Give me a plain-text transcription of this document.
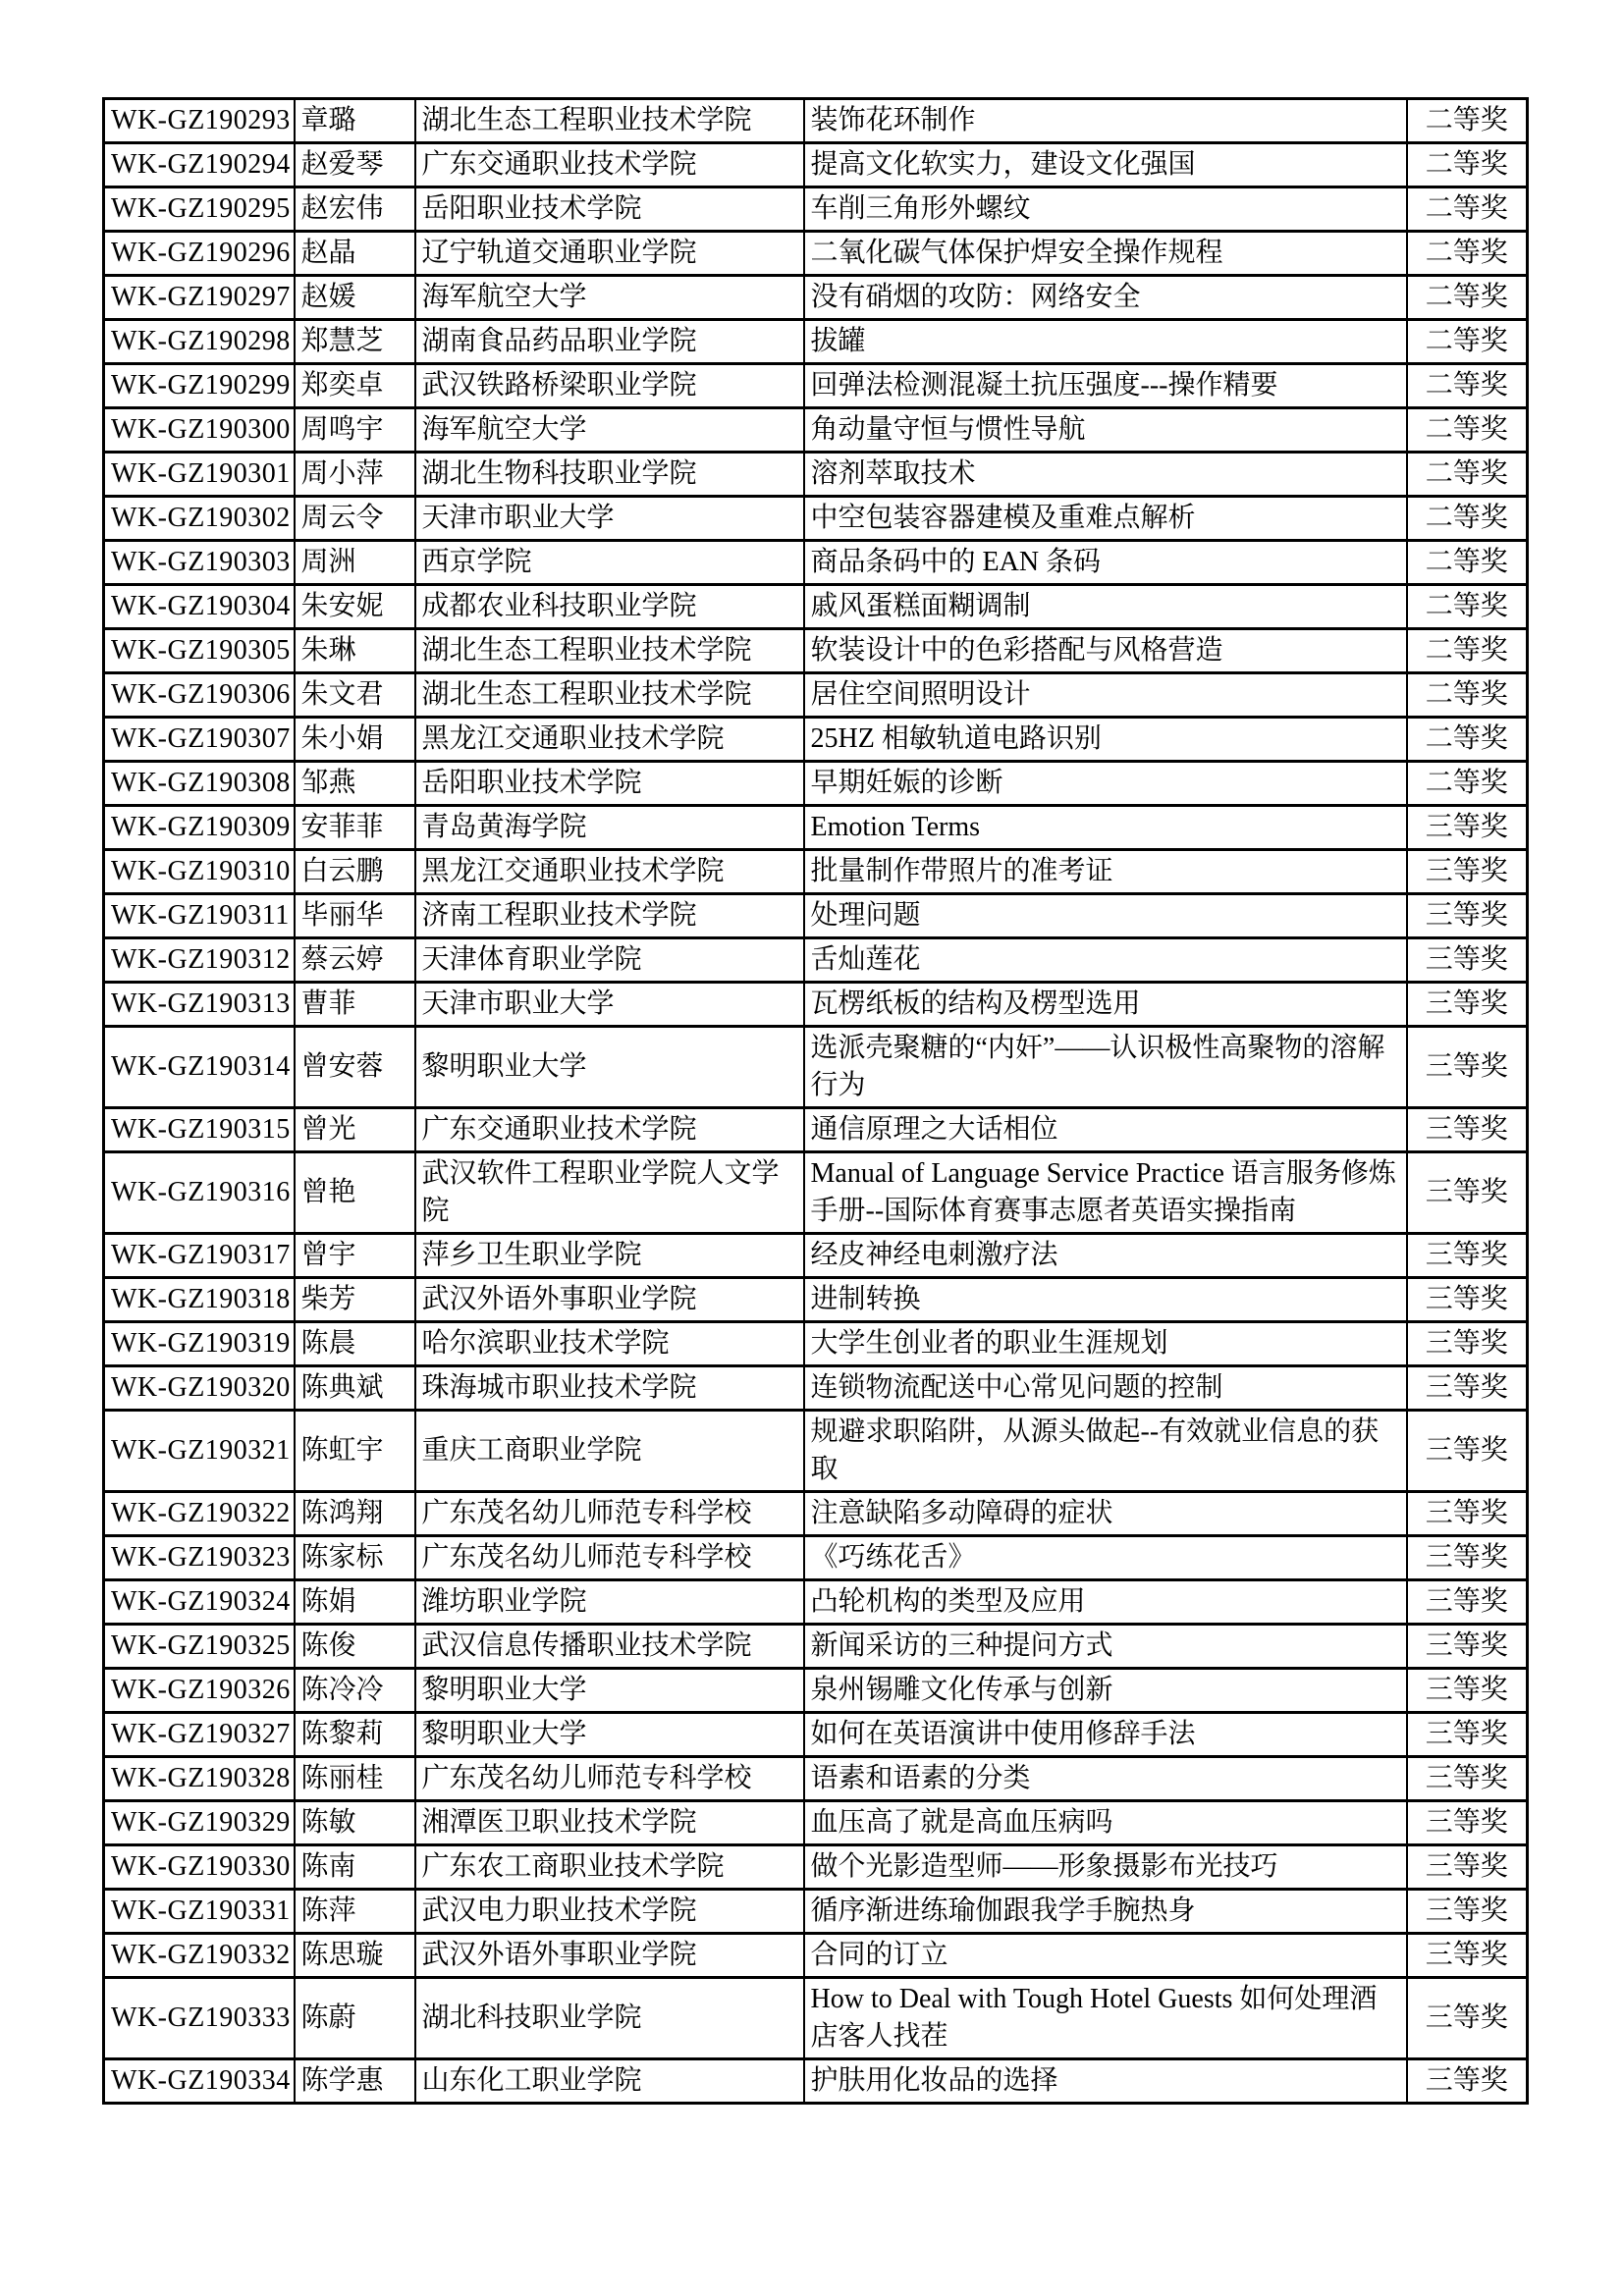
WK-GZ190293	章璐	湖北生态工程职业技术学院	装饰花环制作	二等奖
WK-GZ190294	赵爱琴	广东交通职业技术学院	提高文化软实力，建设文化强国	二等奖
WK-GZ190295	赵宏伟	岳阳职业技术学院	车削三角形外螺纹	二等奖
WK-GZ190296	赵晶	辽宁轨道交通职业学院	二氧化碳气体保护焊安全操作规程	二等奖
WK-GZ190297	赵媛	海军航空大学	没有硝烟的攻防：网络安全	二等奖
WK-GZ190298	郑慧芝	湖南食品药品职业学院	拔罐	二等奖
WK-GZ190299	郑奕卓	武汉铁路桥梁职业学院	回弹法检测混凝土抗压强度---操作精要	二等奖
WK-GZ190300	周鸣宇	海军航空大学	角动量守恒与惯性导航	二等奖
WK-GZ190301	周小萍	湖北生物科技职业学院	溶剂萃取技术	二等奖
WK-GZ190302	周云令	天津市职业大学	中空包装容器建模及重难点解析	二等奖
WK-GZ190303	周洲	西京学院	商品条码中的 EAN 条码	二等奖
WK-GZ190304	朱安妮	成都农业科技职业学院	戚风蛋糕面糊调制	二等奖
WK-GZ190305	朱琳	湖北生态工程职业技术学院	软装设计中的色彩搭配与风格营造	二等奖
WK-GZ190306	朱文君	湖北生态工程职业技术学院	居住空间照明设计	二等奖
WK-GZ190307	朱小娟	黑龙江交通职业技术学院	25HZ 相敏轨道电路识别	二等奖
WK-GZ190308	邹燕	岳阳职业技术学院	早期妊娠的诊断	二等奖
WK-GZ190309	安菲菲	青岛黄海学院	Emotion Terms	三等奖
WK-GZ190310	白云鹏	黑龙江交通职业技术学院	批量制作带照片的准考证	三等奖
WK-GZ190311	毕丽华	济南工程职业技术学院	处理问题	三等奖
WK-GZ190312	蔡云婷	天津体育职业学院	舌灿莲花	三等奖
WK-GZ190313	曹菲	天津市职业大学	瓦楞纸板的结构及楞型选用	三等奖
WK-GZ190314	曾安蓉	黎明职业大学	选派壳聚糖的“内奸”——认识极性高聚物的溶解行为	三等奖
WK-GZ190315	曾光	广东交通职业技术学院	通信原理之大话相位	三等奖
WK-GZ190316	曾艳	武汉软件工程职业学院人文学院	Manual of Language Service Practice 语言服务修炼手册--国际体育赛事志愿者英语实操指南	三等奖
WK-GZ190317	曾宇	萍乡卫生职业学院	经皮神经电刺激疗法	三等奖
WK-GZ190318	柴芳	武汉外语外事职业学院	进制转换	三等奖
WK-GZ190319	陈晨	哈尔滨职业技术学院	大学生创业者的职业生涯规划	三等奖
WK-GZ190320	陈典斌	珠海城市职业技术学院	连锁物流配送中心常见问题的控制	三等奖
WK-GZ190321	陈虹宇	重庆工商职业学院	规避求职陷阱，从源头做起--有效就业信息的获取	三等奖
WK-GZ190322	陈鸿翔	广东茂名幼儿师范专科学校	注意缺陷多动障碍的症状	三等奖
WK-GZ190323	陈家标	广东茂名幼儿师范专科学校	《巧练花舌》	三等奖
WK-GZ190324	陈娟	潍坊职业学院	凸轮机构的类型及应用	三等奖
WK-GZ190325	陈俊	武汉信息传播职业技术学院	新闻采访的三种提问方式	三等奖
WK-GZ190326	陈冷冷	黎明职业大学	泉州锡雕文化传承与创新	三等奖
WK-GZ190327	陈黎莉	黎明职业大学	如何在英语演讲中使用修辞手法	三等奖
WK-GZ190328	陈丽桂	广东茂名幼儿师范专科学校	语素和语素的分类	三等奖
WK-GZ190329	陈敏	湘潭医卫职业技术学院	血压高了就是高血压病吗	三等奖
WK-GZ190330	陈南	广东农工商职业技术学院	做个光影造型师——形象摄影布光技巧	三等奖
WK-GZ190331	陈萍	武汉电力职业技术学院	循序渐进练瑜伽跟我学手腕热身	三等奖
WK-GZ190332	陈思璇	武汉外语外事职业学院	合同的订立	三等奖
WK-GZ190333	陈蔚	湖北科技职业学院	How to Deal with Tough Hotel Guests 如何处理酒店客人找茬	三等奖
WK-GZ190334	陈学惠	山东化工职业学院	护肤用化妆品的选择	三等奖
